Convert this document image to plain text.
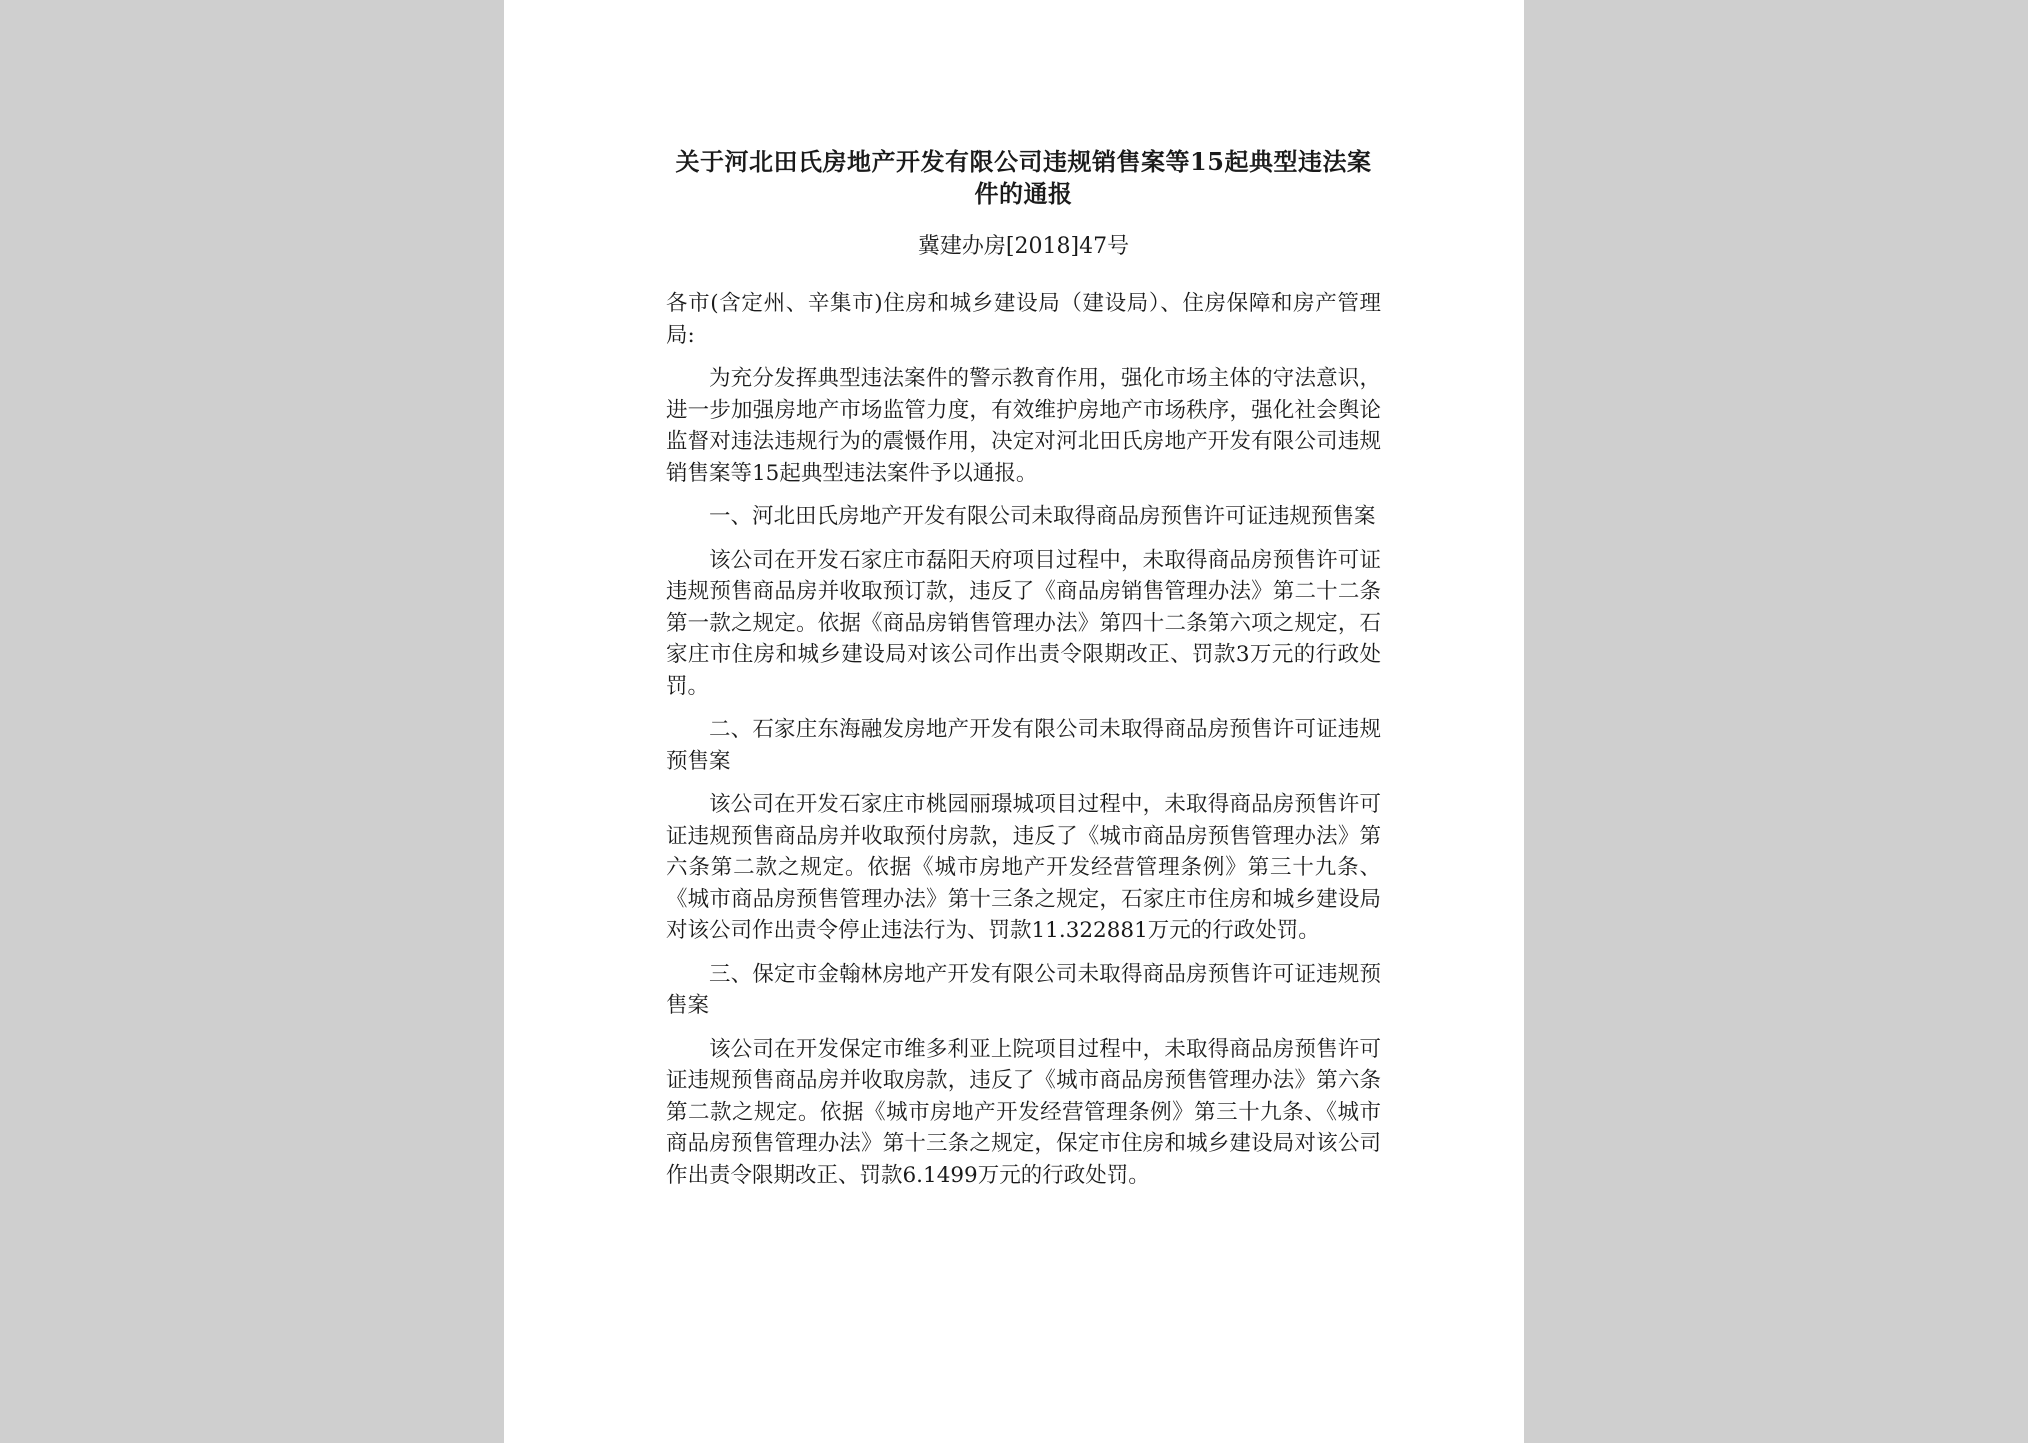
关于河北田氏房地产开发有限公司违规销售案等15起典型违法案件的通报
冀建办房[2018]47号

各市(含定州、辛集市)住房和城乡建设局（建设局）、住房保障和房产管理局:

为充分发挥典型违法案件的警示教育作用，强化市场主体的守法意识，进一步加强房地产市场监管力度，有效维护房地产市场秩序，强化社会舆论监督对违法违规行为的震慑作用，决定对河北田氏房地产开发有限公司违规销售案等15起典型违法案件予以通报。

一、河北田氏房地产开发有限公司未取得商品房预售许可证违规预售案

该公司在开发石家庄市磊阳天府项目过程中，未取得商品房预售许可证违规预售商品房并收取预订款，违反了《商品房销售管理办法》第二十二条第一款之规定。依据《商品房销售管理办法》第四十二条第六项之规定，石家庄市住房和城乡建设局对该公司作出责令限期改正、罚款3万元的行政处罚。

二、石家庄东海融发房地产开发有限公司未取得商品房预售许可证违规预售案

该公司在开发石家庄市桃园丽璟城项目过程中，未取得商品房预售许可证违规预售商品房并收取预付房款，违反了《城市商品房预售管理办法》第六条第二款之规定。依据《城市房地产开发经营管理条例》第三十九条、《城市商品房预售管理办法》第十三条之规定，石家庄市住房和城乡建设局对该公司作出责令停止违法行为、罚款11.322881万元的行政处罚。

三、保定市金翰林房地产开发有限公司未取得商品房预售许可证违规预售案

该公司在开发保定市维多利亚上院项目过程中，未取得商品房预售许可证违规预售商品房并收取房款，违反了《城市商品房预售管理办法》第六条第二款之规定。依据《城市房地产开发经营管理条例》第三十九条、《城市商品房预售管理办法》第十三条之规定，保定市住房和城乡建设局对该公司作出责令限期改正、罚款6.1499万元的行政处罚。
